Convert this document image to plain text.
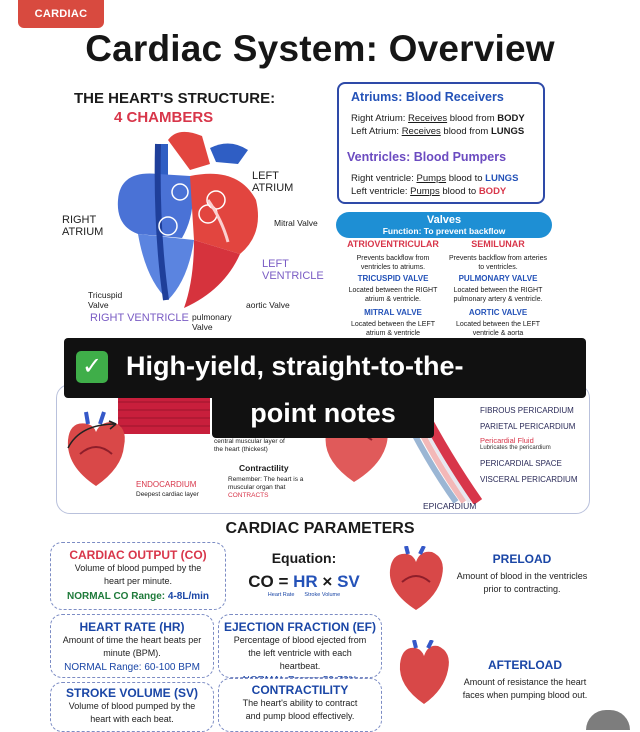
CARDIAC
Cardiac System: Overview
THE HEART'S STRUCTURE:
4 CHAMBERS
LEFT ATRIUM
RIGHT ATRIUM
Mitral Valve
LEFT VENTRICLE
Tricuspid Valve	aortic Valve
RIGHT VENTRICLE pulmonary Valve
Atriums: Blood Receivers
Right Atrium: Receives blood from BODY
Left Atrium: Receives blood from LUNGS
Ventricles: Blood Pumpers
Right ventricle: Pumps blood to LUNGS
Left ventricle: Pumps blood to BODY
Valves
Function: To prevent backflow
ATRIOVENTRICULAR
Prevents backflow from ventricles to atriums.
TRICUSPID VALVE
Located between the RIGHT atrium & ventricle.
MITRAL VALVE
Located between the LEFT atrium & ventricle
SEMILUNAR
Prevents backflow from arteries to ventricles.
PULMONARY VALVE
Located between the RIGHT pulmonary artery & ventricle.
AORTIC VALVE
Located between the LEFT ventricle & aorta
central muscular layer of the heart (thickest)
Contractility
Remember: The heart is a muscular organ that CONTRACTS
ENDOCARDIUM
Deepest cardiac layer
FIBROUS PERICARDIUM
PARIETAL PERICARDIUM
Pericardial Fluid
Lubricates the pericardium
PERICARDIAL SPACE
VISCERAL PERICARDIUM
EPICARDIUM
✓ High-yield, straight-to-the-
point notes
CARDIAC PARAMETERS
CARDIAC OUTPUT (CO)
Volume of blood pumped by the heart per minute.
NORMAL CO Range: 4-8L/min
Equation:
CO = HR × SV
Heart Rate Stroke Volume
PRELOAD
Amount of blood in the ventricles prior to contracting.
HEART RATE (HR)
Amount of time the heart beats per minute (BPM).
NORMAL Range: 60-100 BPM
EJECTION FRACTION (EF)
Percentage of blood ejected from the left ventricle with each heartbeat.	AFTERLOAD
Amount of resistance the heart faces when pumping blood out.
STROKE VOLUME (SV)
Volume of blood pumped by the heart with each beat.
CONTRACTILITY
The heart's ability to contract and pump blood effectively.
